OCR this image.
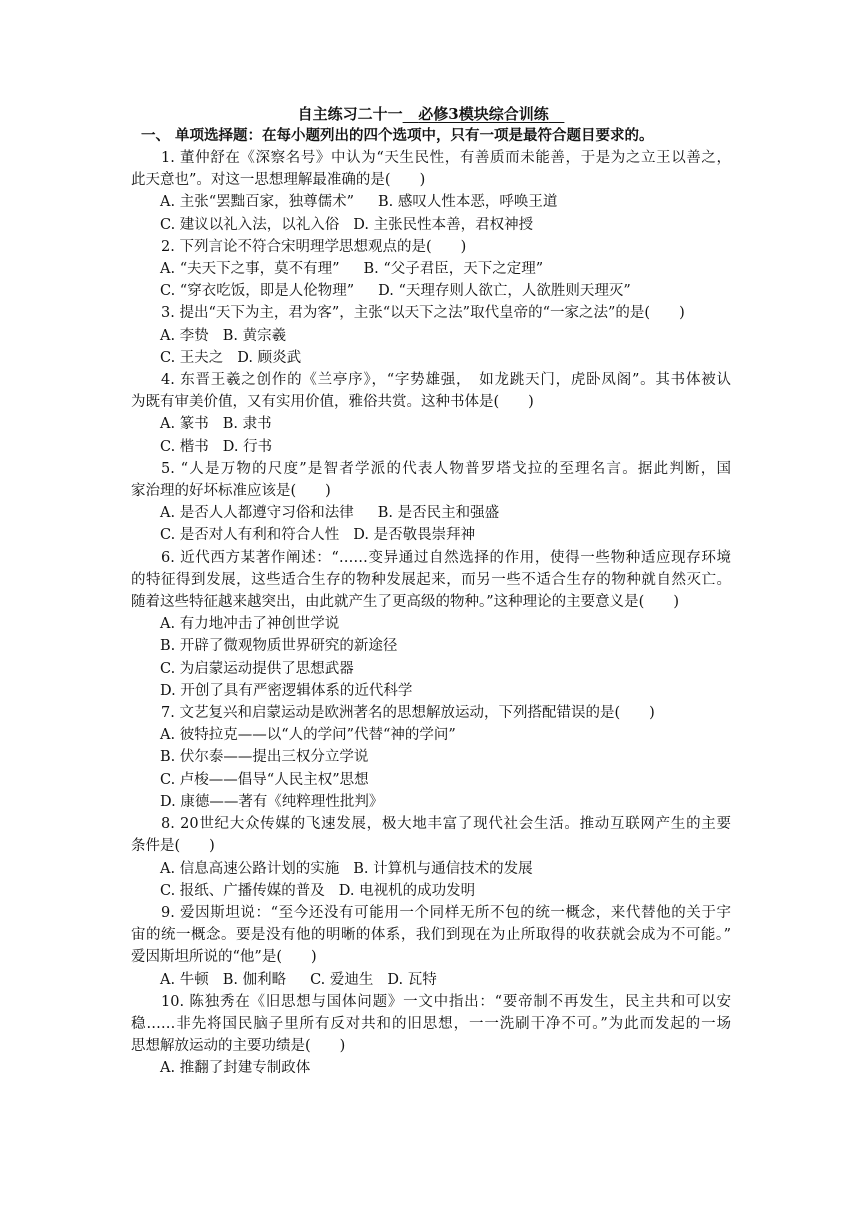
自主练习二十一 必修3模块综合训练
一、 单项选择题：在每小题列出的四个选项中，只有一项是最符合题目要求的。
1. 董仲舒在《深察名号》中认为“天生民性，有善质而未能善，于是为之立王以善之，
此天意也”。对这一思想理解最准确的是(　　)
A. 主张“罢黜百家，独尊儒术” B. 感叹人性本恶，呼唤王道
C. 建议以礼入法，以礼入俗 D. 主张民性本善，君权神授
2. 下列言论不符合宋明理学思想观点的是(　　)
A. “夫天下之事，莫不有理” B. “父子君臣，天下之定理”
C. “穿衣吃饭，即是人伦物理” D. “天理存则人欲亡，人欲胜则天理灭”
3. 提出“天下为主，君为客”，主张“以天下之法”取代皇帝的“一家之法”的是(　　)
A. 李贽 B. 黄宗羲
C. 王夫之 D. 顾炎武
4. 东晋王羲之创作的《兰亭序》，“字势雄强，　如龙跳天门，虎卧凤阁”。其书体被认
为既有审美价值，又有实用价值，雅俗共赏。这种书体是(　　)
A. 篆书 B. 隶书
C. 楷书 D. 行书
5. “人是万物的尺度”是智者学派的代表人物普罗塔戈拉的至理名言。据此判断，国
家治理的好坏标准应该是(　　)
A. 是否人人都遵守习俗和法律 B. 是否民主和强盛
C. 是否对人有利和符合人性 D. 是否敬畏崇拜神
6. 近代西方某著作阐述：“……变异通过自然选择的作用，使得一些物种适应现存环境
的特征得到发展，这些适合生存的物种发展起来，而另一些不适合生存的物种就自然灭亡。
随着这些特征越来越突出，由此就产生了更高级的物种。”这种理论的主要意义是(　　)
A. 有力地冲击了神创世学说
B. 开辟了微观物质世界研究的新途径
C. 为启蒙运动提供了思想武器
D. 开创了具有严密逻辑体系的近代科学
7. 文艺复兴和启蒙运动是欧洲著名的思想解放运动，下列搭配错误的是(　　)
A. 彼特拉克——以“人的学问”代替“神的学问”
B. 伏尔泰——提出三权分立学说
C. 卢梭——倡导“人民主权”思想
D. 康德——著有《纯粹理性批判》
8. 20世纪大众传媒的飞速发展，极大地丰富了现代社会生活。推动互联网产生的主要
条件是(　　)
A. 信息高速公路计划的实施 B. 计算机与通信技术的发展
C. 报纸、广播传媒的普及 D. 电视机的成功发明
9. 爱因斯坦说：“至今还没有可能用一个同样无所不包的统一概念，来代替他的关于宇
宙的统一概念。要是没有他的明晰的体系，我们到现在为止所取得的收获就会成为不可能。”
爱因斯坦所说的“他”是(　　)
A. 牛顿 B. 伽利略 C. 爱迪生 D. 瓦特
10. 陈独秀在《旧思想与国体问题》一文中指出：“要帝制不再发生，民主共和可以安
稳……非先将国民脑子里所有反对共和的旧思想，一一洗刷干净不可。”为此而发起的一场
思想解放运动的主要功绩是(　　)
A. 推翻了封建专制政体
